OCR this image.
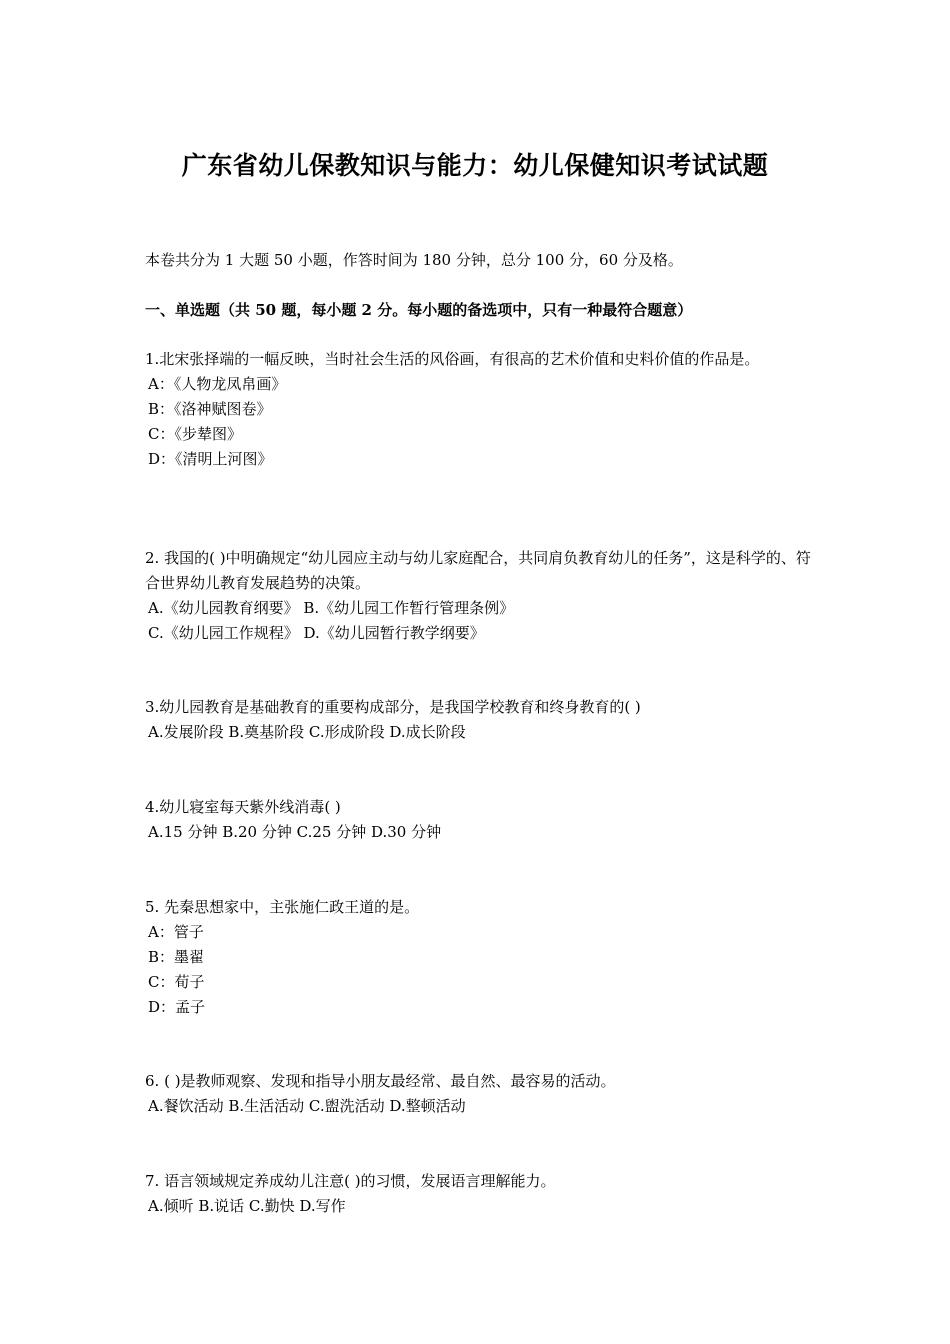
广东省幼儿保教知识与能力：幼儿保健知识考试试题
本卷共分为 1 大题 50 小题，作答时间为 180 分钟，总分 100 分，60 分及格。
一、单选题（共 50 题，每小题 2 分。每小题的备选项中，只有一种最符合题意）

1.北宋张择端的一幅反映，当时社会生活的风俗画，有很高的艺术价值和史料价值的作品是。

A：《人物龙凤帛画》

B：《洛神赋图卷》

C：《步辇图》

D：《清明上河图》

2. 我国的( )中明确规定“幼儿园应主动与幼儿家庭配合，共同肩负教育幼儿的任务”，这是科学的、符合世界幼儿教育发展趋势的决策。

A.《幼儿园教育纲要》 B.《幼儿园工作暂行管理条例》

C.《幼儿园工作规程》 D.《幼儿园暂行教学纲要》

3.幼儿园教育是基础教育的重要构成部分，是我国学校教育和终身教育的( )

A.发展阶段 B.奠基阶段 C.形成阶段 D.成长阶段

4.幼儿寝室每天紫外线消毒( )

A.15 分钟 B.20 分钟 C.25 分钟 D.30 分钟

5. 先秦思想家中，主张施仁政王道的是。

A：管子

B：墨翟

C：荀子

D：孟子

6. ( )是教师观察、发现和指导小朋友最经常、最自然、最容易的活动。

A.餐饮活动 B.生活活动 C.盥洗活动 D.整顿活动

7. 语言领域规定养成幼儿注意( )的习惯，发展语言理解能力。

A.倾听 B.说话 C.勤快 D.写作
